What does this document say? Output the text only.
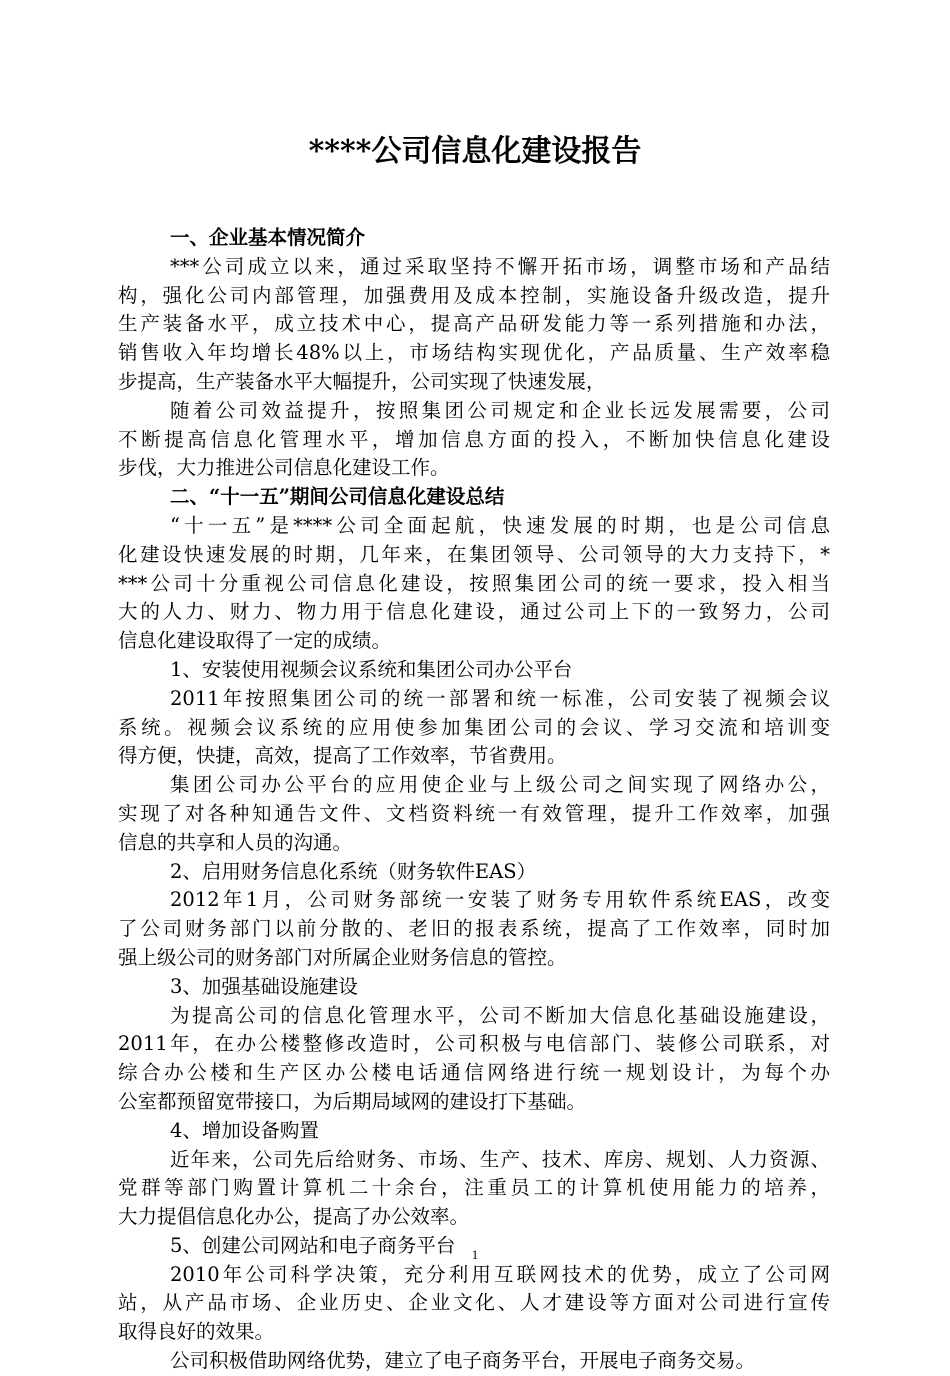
****公司信息化建设报告

一、企业基本情况简介

***公司成立以来，通过采取坚持不懈开拓市场，调整市场和产品结

构，强化公司内部管理，加强费用及成本控制，实施设备升级改造，提升

生产装备水平，成立技术中心，提高产品研发能力等一系列措施和办法，

销售收入年均增长48%以上，市场结构实现优化，产品质量、生产效率稳

步提高，生产装备水平大幅提升，公司实现了快速发展，

随着公司效益提升，按照集团公司规定和企业长远发展需要，公司

不断提高信息化管理水平，增加信息方面的投入，不断加快信息化建设

步伐，大力推进公司信息化建设工作。

二、“十一五”期间公司信息化建设总结

“十一五”是****公司全面起航，快速发展的时期，也是公司信息

化建设快速发展的时期，几年来，在集团领导、公司领导的大力支持下，*

***公司十分重视公司信息化建设，按照集团公司的统一要求，投入相当

大的人力、财力、物力用于信息化建设，通过公司上下的一致努力，公司

信息化建设取得了一定的成绩。

1、安装使用视频会议系统和集团公司办公平台

2011年按照集团公司的统一部署和统一标准，公司安装了视频会议

系统。视频会议系统的应用使参加集团公司的会议、学习交流和培训变

得方便，快捷，高效，提高了工作效率，节省费用。

集团公司办公平台的应用使企业与上级公司之间实现了网络办公，

实现了对各种知通告文件、文档资料统一有效管理，提升工作效率，加强

信息的共享和人员的沟通。

2、启用财务信息化系统（财务软件EAS）

2012年1月，公司财务部统一安装了财务专用软件系统EAS，改变

了公司财务部门以前分散的、老旧的报表系统，提高了工作效率，同时加

强上级公司的财务部门对所属企业财务信息的管控。

3、加强基础设施建设

为提高公司的信息化管理水平，公司不断加大信息化基础设施建设，

2011年，在办公楼整修改造时，公司积极与电信部门、装修公司联系，对

综合办公楼和生产区办公楼电话通信网络进行统一规划设计，为每个办

公室都预留宽带接口，为后期局域网的建设打下基础。

4、增加设备购置

近年来，公司先后给财务、市场、生产、技术、库房、规划、人力资源、

党群等部门购置计算机二十余台，注重员工的计算机使用能力的培养，

大力提倡信息化办公，提高了办公效率。

5、创建公司网站和电子商务平台

2010年公司科学决策，充分利用互联网技术的优势，成立了公司网

站，从产品市场、企业历史、企业文化、人才建设等方面对公司进行宣传

取得良好的效果。

公司积极借助网络优势，建立了电子商务平台，开展电子商务交易。

1
